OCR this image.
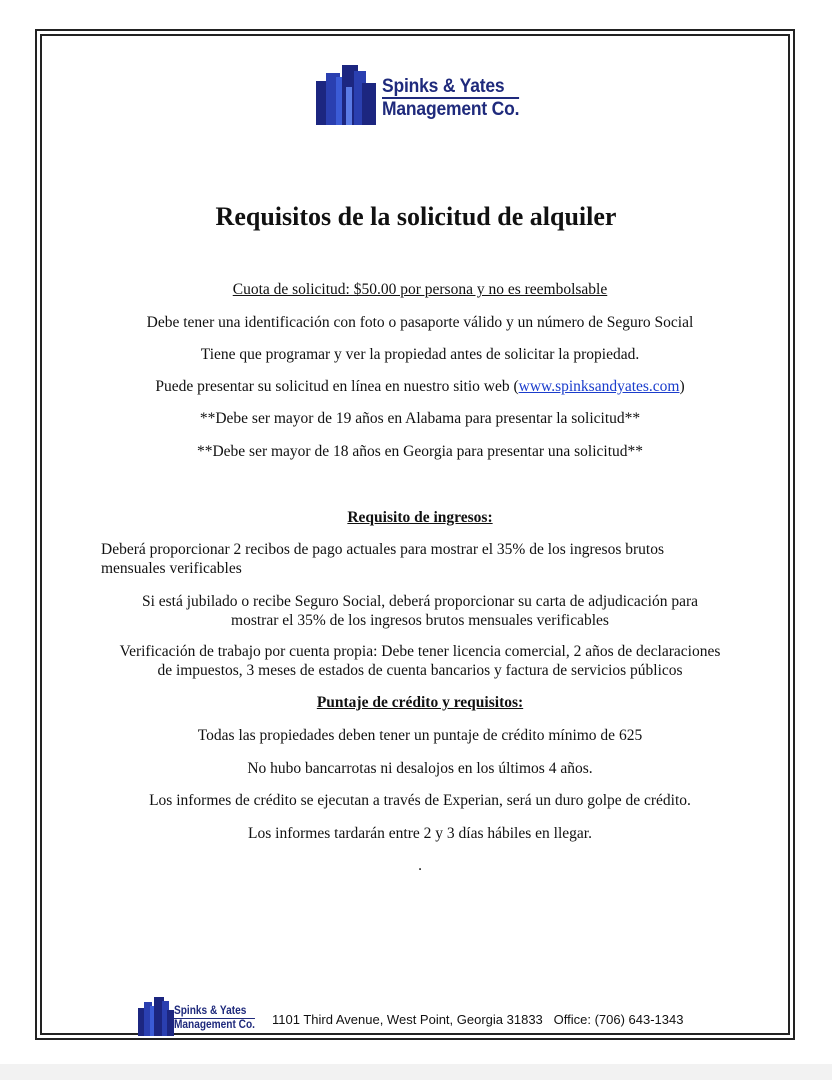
Spinks & Yates
Management Co.
Requisitos de la solicitud de alquiler
Cuota de solicitud: $50.00 por persona y no es reembolsable
Debe tener una identificación con foto o pasaporte válido y un número de Seguro Social
Tiene que programar y ver la propiedad antes de solicitar la propiedad.
Puede presentar su solicitud en línea en nuestro sitio web (www.spinksandyates.com)
**Debe ser mayor de 19 años en Alabama para presentar la solicitud**
**Debe ser mayor de 18 años en Georgia para presentar una solicitud**
Requisito de ingresos:
Deberá proporcionar 2 recibos de pago actuales para mostrar el 35% de los ingresos brutos
mensuales verificables
Si está jubilado o recibe Seguro Social, deberá proporcionar su carta de adjudicación para
mostrar el 35% de los ingresos brutos mensuales verificables
Verificación de trabajo por cuenta propia: Debe tener licencia comercial, 2 años de declaraciones
de impuestos, 3 meses de estados de cuenta bancarios y factura de servicios públicos
Puntaje de crédito y requisitos:
Todas las propiedades deben tener un puntaje de crédito mínimo de 625
No hubo bancarrotas ni desalojos en los últimos 4 años.
Los informes de crédito se ejecutan a través de Experian, será un duro golpe de crédito.
Los informes tardarán entre 2 y 3 días hábiles en llegar.
.
Spinks & Yates
Management Co. 1101 Third Avenue, West Point, Georgia 31833 Office: (706) 643-1343
